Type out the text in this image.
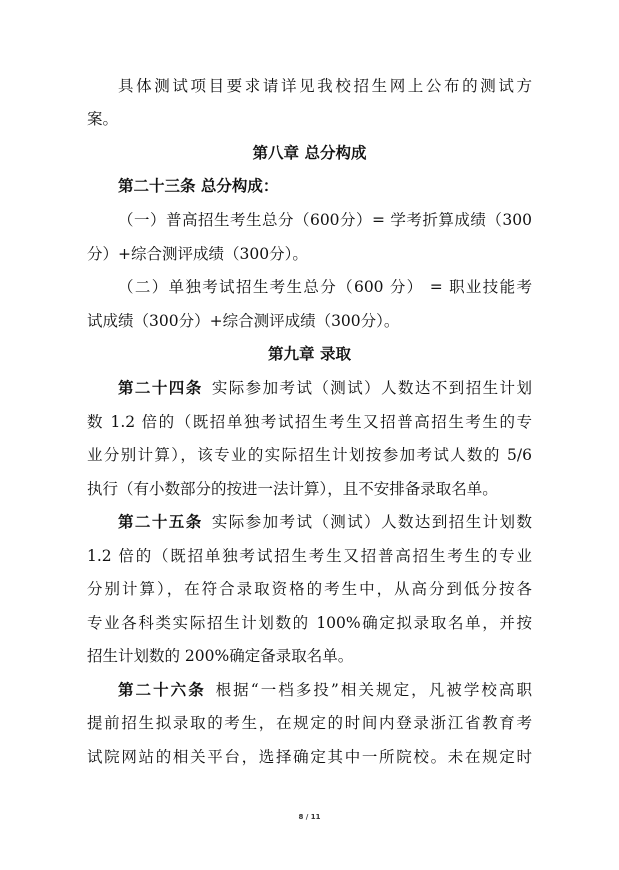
具体测试项目要求请详见我校招生网上公布的测试方
案。
第八章 总分构成
第二十三条 总分构成：
（一）普高招生考生总分（600分）= 学考折算成绩（300
分）+综合测评成绩（300分）。
（二）单独考试招生考生总分（600 分） = 职业技能考
试成绩（300分）+综合测评成绩（300分）。
第九章 录取
第二十四条  实际参加考试（测试）人数达不到招生计划
数 1.2 倍的（既招单独考试招生考生又招普高招生考生的专
业分别计算），该专业的实际招生计划按参加考试人数的 5/6
执行（有小数部分的按进一法计算），且不安排备录取名单。
第二十五条  实际参加考试（测试）人数达到招生计划数
1.2 倍的（既招单独考试招生考生又招普高招生考生的专业
分别计算），在符合录取资格的考生中，从高分到低分按各
专业各科类实际招生计划数的 100%确定拟录取名单，并按
招生计划数的 200%确定备录取名单。
第二十六条  根据“一档多投”相关规定，凡被学校高职
提前招生拟录取的考生，在规定的时间内登录浙江省教育考
试院网站的相关平台，选择确定其中一所院校。未在规定时
8 / 11
